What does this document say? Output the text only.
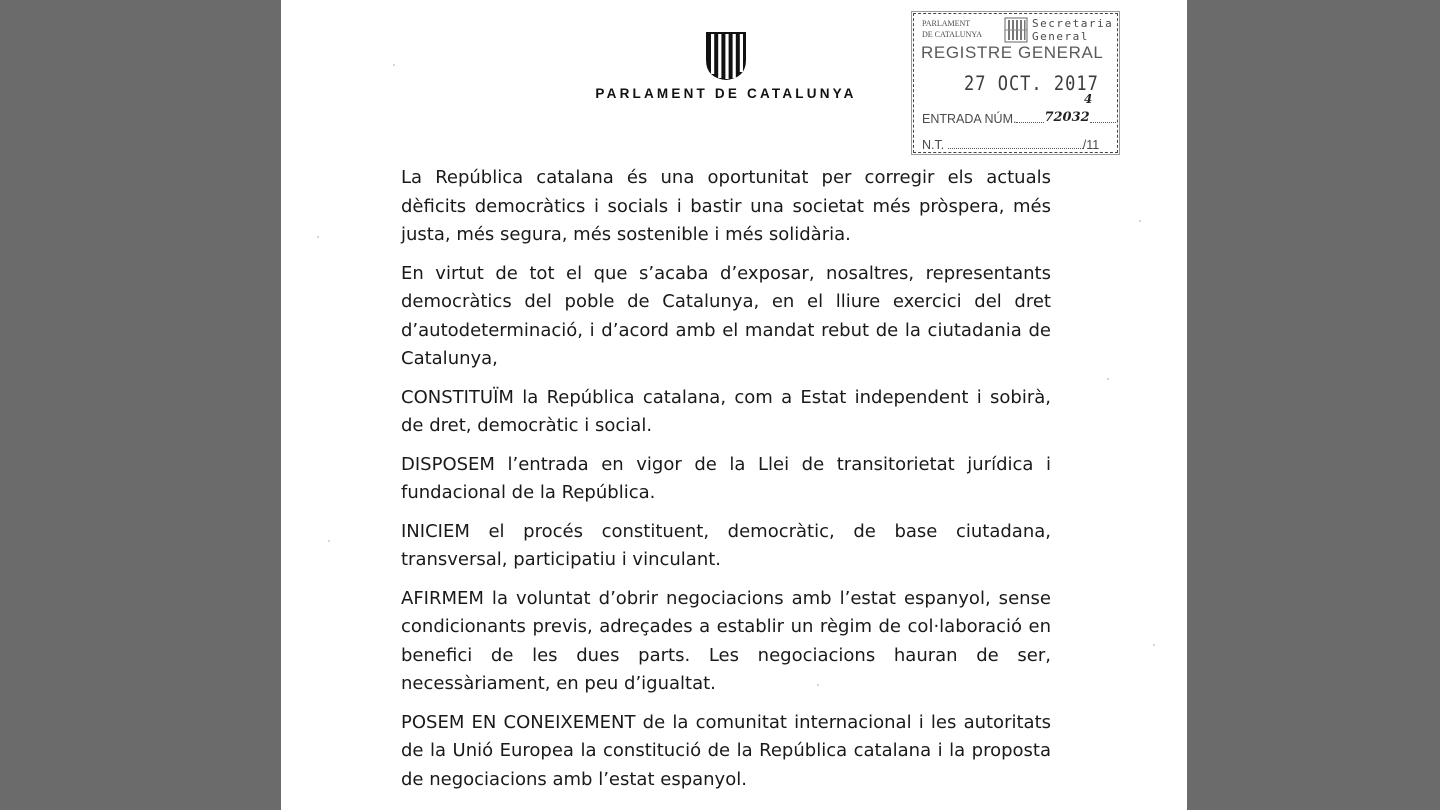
PARLAMENT DE CATALUNYA
PARLAMENT
DE CATALUNYA
Secretaria
General
REGISTRE GENERAL
27 OCT. 2017
4
ENTRADA NÚM. 72032
N.T.	/11

La República catalana és una oportunitat per corregir els actuals dèficits democràtics i socials i bastir una societat més pròspera, més justa, més segura, més sostenible i més solidària.

En virtut de tot el que s’acaba d’exposar, nosaltres, representants democràtics del poble de Catalunya, en el lliure exercici del dret d’autodeterminació, i d’acord amb el mandat rebut de la ciutadania de Catalunya,

CONSTITUÏM la República catalana, com a Estat independent i sobirà, de dret, democràtic i social.

DISPOSEM l’entrada en vigor de la Llei de transitorietat jurídica i fundacional de la República.

INICIEM el procés constituent, democràtic, de base ciutadana, transversal, participatiu i vinculant.

AFIRMEM la voluntat d’obrir negociacions amb l’estat espanyol, sense condicionants previs, adreçades a establir un règim de col·laboració en benefici de les dues parts. Les negociacions hauran de ser, necessàriament, en peu d’igualtat.

POSEM EN CONEIXEMENT de la comunitat internacional i les autoritats de la Unió Europea la constitució de la República catalana i la proposta de negociacions amb l’estat espanyol.
